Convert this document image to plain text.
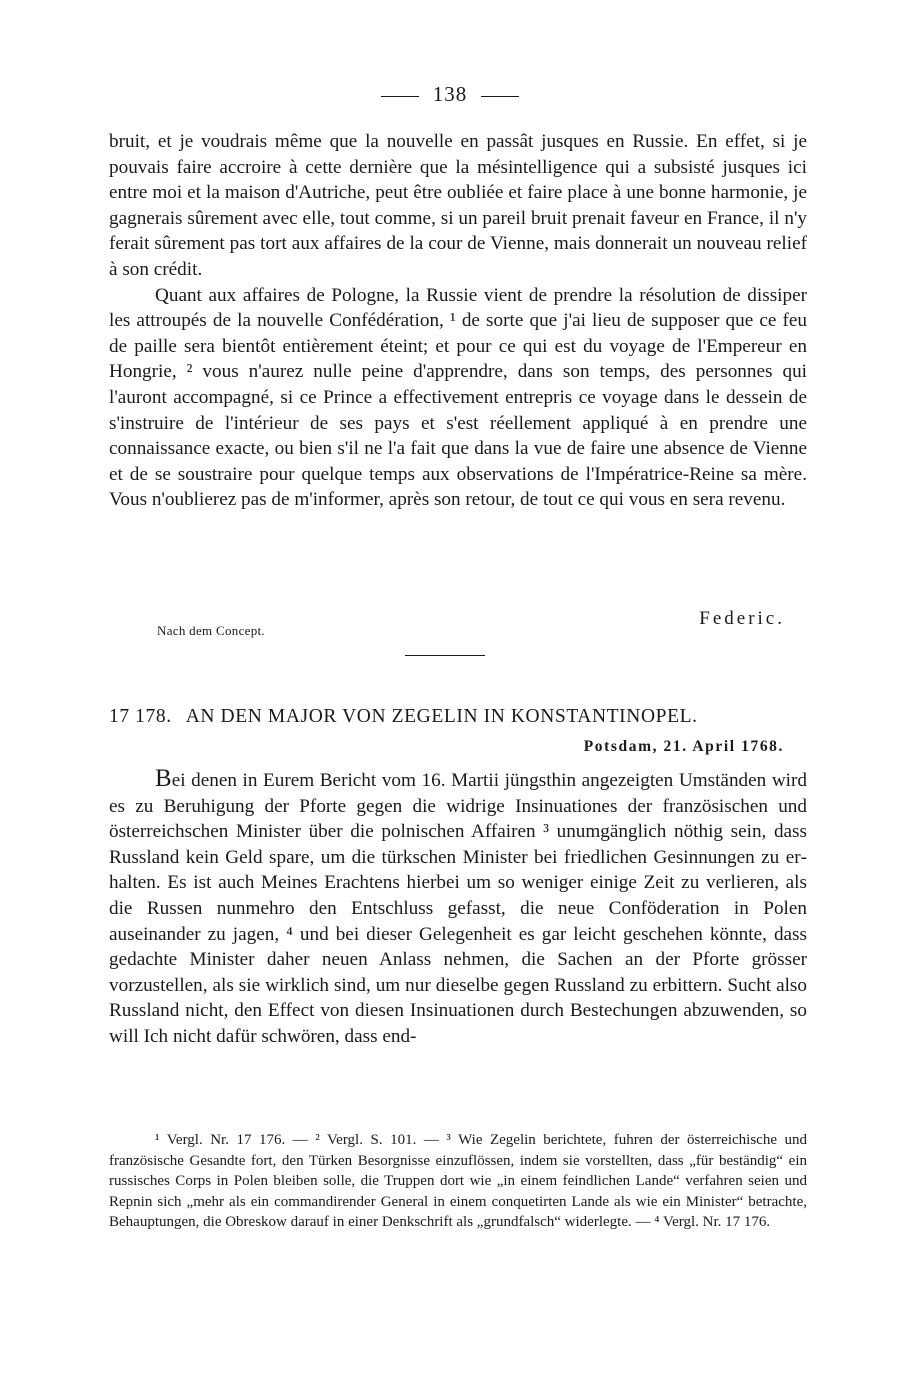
138

bruit, et je voudrais même que la nouvelle en passât jusques en Russie. En effet, si je pouvais faire accroire à cette dernière que la mésintelligence qui a subsisté jusques ici entre moi et la maison d'Autriche, peut être oubliée et faire place à une bonne harmonie, je gagnerais sûrement avec elle, tout comme, si un pareil bruit prenait faveur en France, il n'y ferait sûrement pas tort aux affaires de la cour de Vienne, mais donnerait un nouveau relief à son crédit.

Quant aux affaires de Pologne, la Russie vient de prendre la résolution de dissiper les attroupés de la nouvelle Confédération, ¹ de sorte que j'ai lieu de supposer que ce feu de paille sera bientôt entièrement éteint; et pour ce qui est du voyage de l'Empereur en Hongrie, ² vous n'aurez nulle peine d'apprendre, dans son temps, des personnes qui l'auront accompagné, si ce Prince a effectivement entrepris ce voyage dans le dessein de s'instruire de l'intérieur de ses pays et s'est réellement appliqué à en prendre une connaissance exacte, ou bien s'il ne l'a fait que dans la vue de faire une absence de Vienne et de se soustraire pour quelque temps aux observations de l'Impératrice-Reine sa mère. Vous n'oublierez pas de m'informer, après son retour, de tout ce qui vous en sera revenu.

Nach dem Concept.
Federic.
17 178. AN DEN MAJOR VON ZEGELIN IN KONSTANTINOPEL.
Potsdam, 21. April 1768.

Bei denen in Eurem Bericht vom 16. Martii jüngsthin angezeigten Umständen wird es zu Beruhigung der Pforte gegen die widrige Insinuationes der französischen und österreichschen Minister über die polnischen Affairen ³ unumgänglich nöthig sein, dass Russland kein Geld spare, um die türkschen Minister bei friedlichen Gesinnungen zu erhalten. Es ist auch Meines Erachtens hierbei um so weniger einige Zeit zu verlieren, als die Russen nunmehro den Entschluss gefasst, die neue Conföderation in Polen auseinander zu jagen, ⁴ und bei dieser Gelegenheit es gar leicht geschehen könnte, dass gedachte Minister daher neuen Anlass nehmen, die Sachen an der Pforte grösser vorzustellen, als sie wirklich sind, um nur dieselbe gegen Russland zu erbittern. Sucht also Russland nicht, den Effect von diesen Insinuationen durch Bestechungen abzuwenden, so will Ich nicht dafür schwören, dass end-

¹ Vergl. Nr. 17 176. — ² Vergl. S. 101. — ³ Wie Zegelin berichtete, fuhren der österreichische und französische Gesandte fort, den Türken Besorgnisse einzuflössen, indem sie vorstellten, dass „für beständig“ ein russisches Corps in Polen bleiben solle, die Truppen dort wie „in einem feindlichen Lande“ verfahren seien und Repnin sich „mehr als ein commandirender General in einem conquetirten Lande als wie ein Minister“ betrachte, Behauptungen, die Obreskow darauf in einer Denkschrift als „grundfalsch“ widerlegte. — ⁴ Vergl. Nr. 17 176.
